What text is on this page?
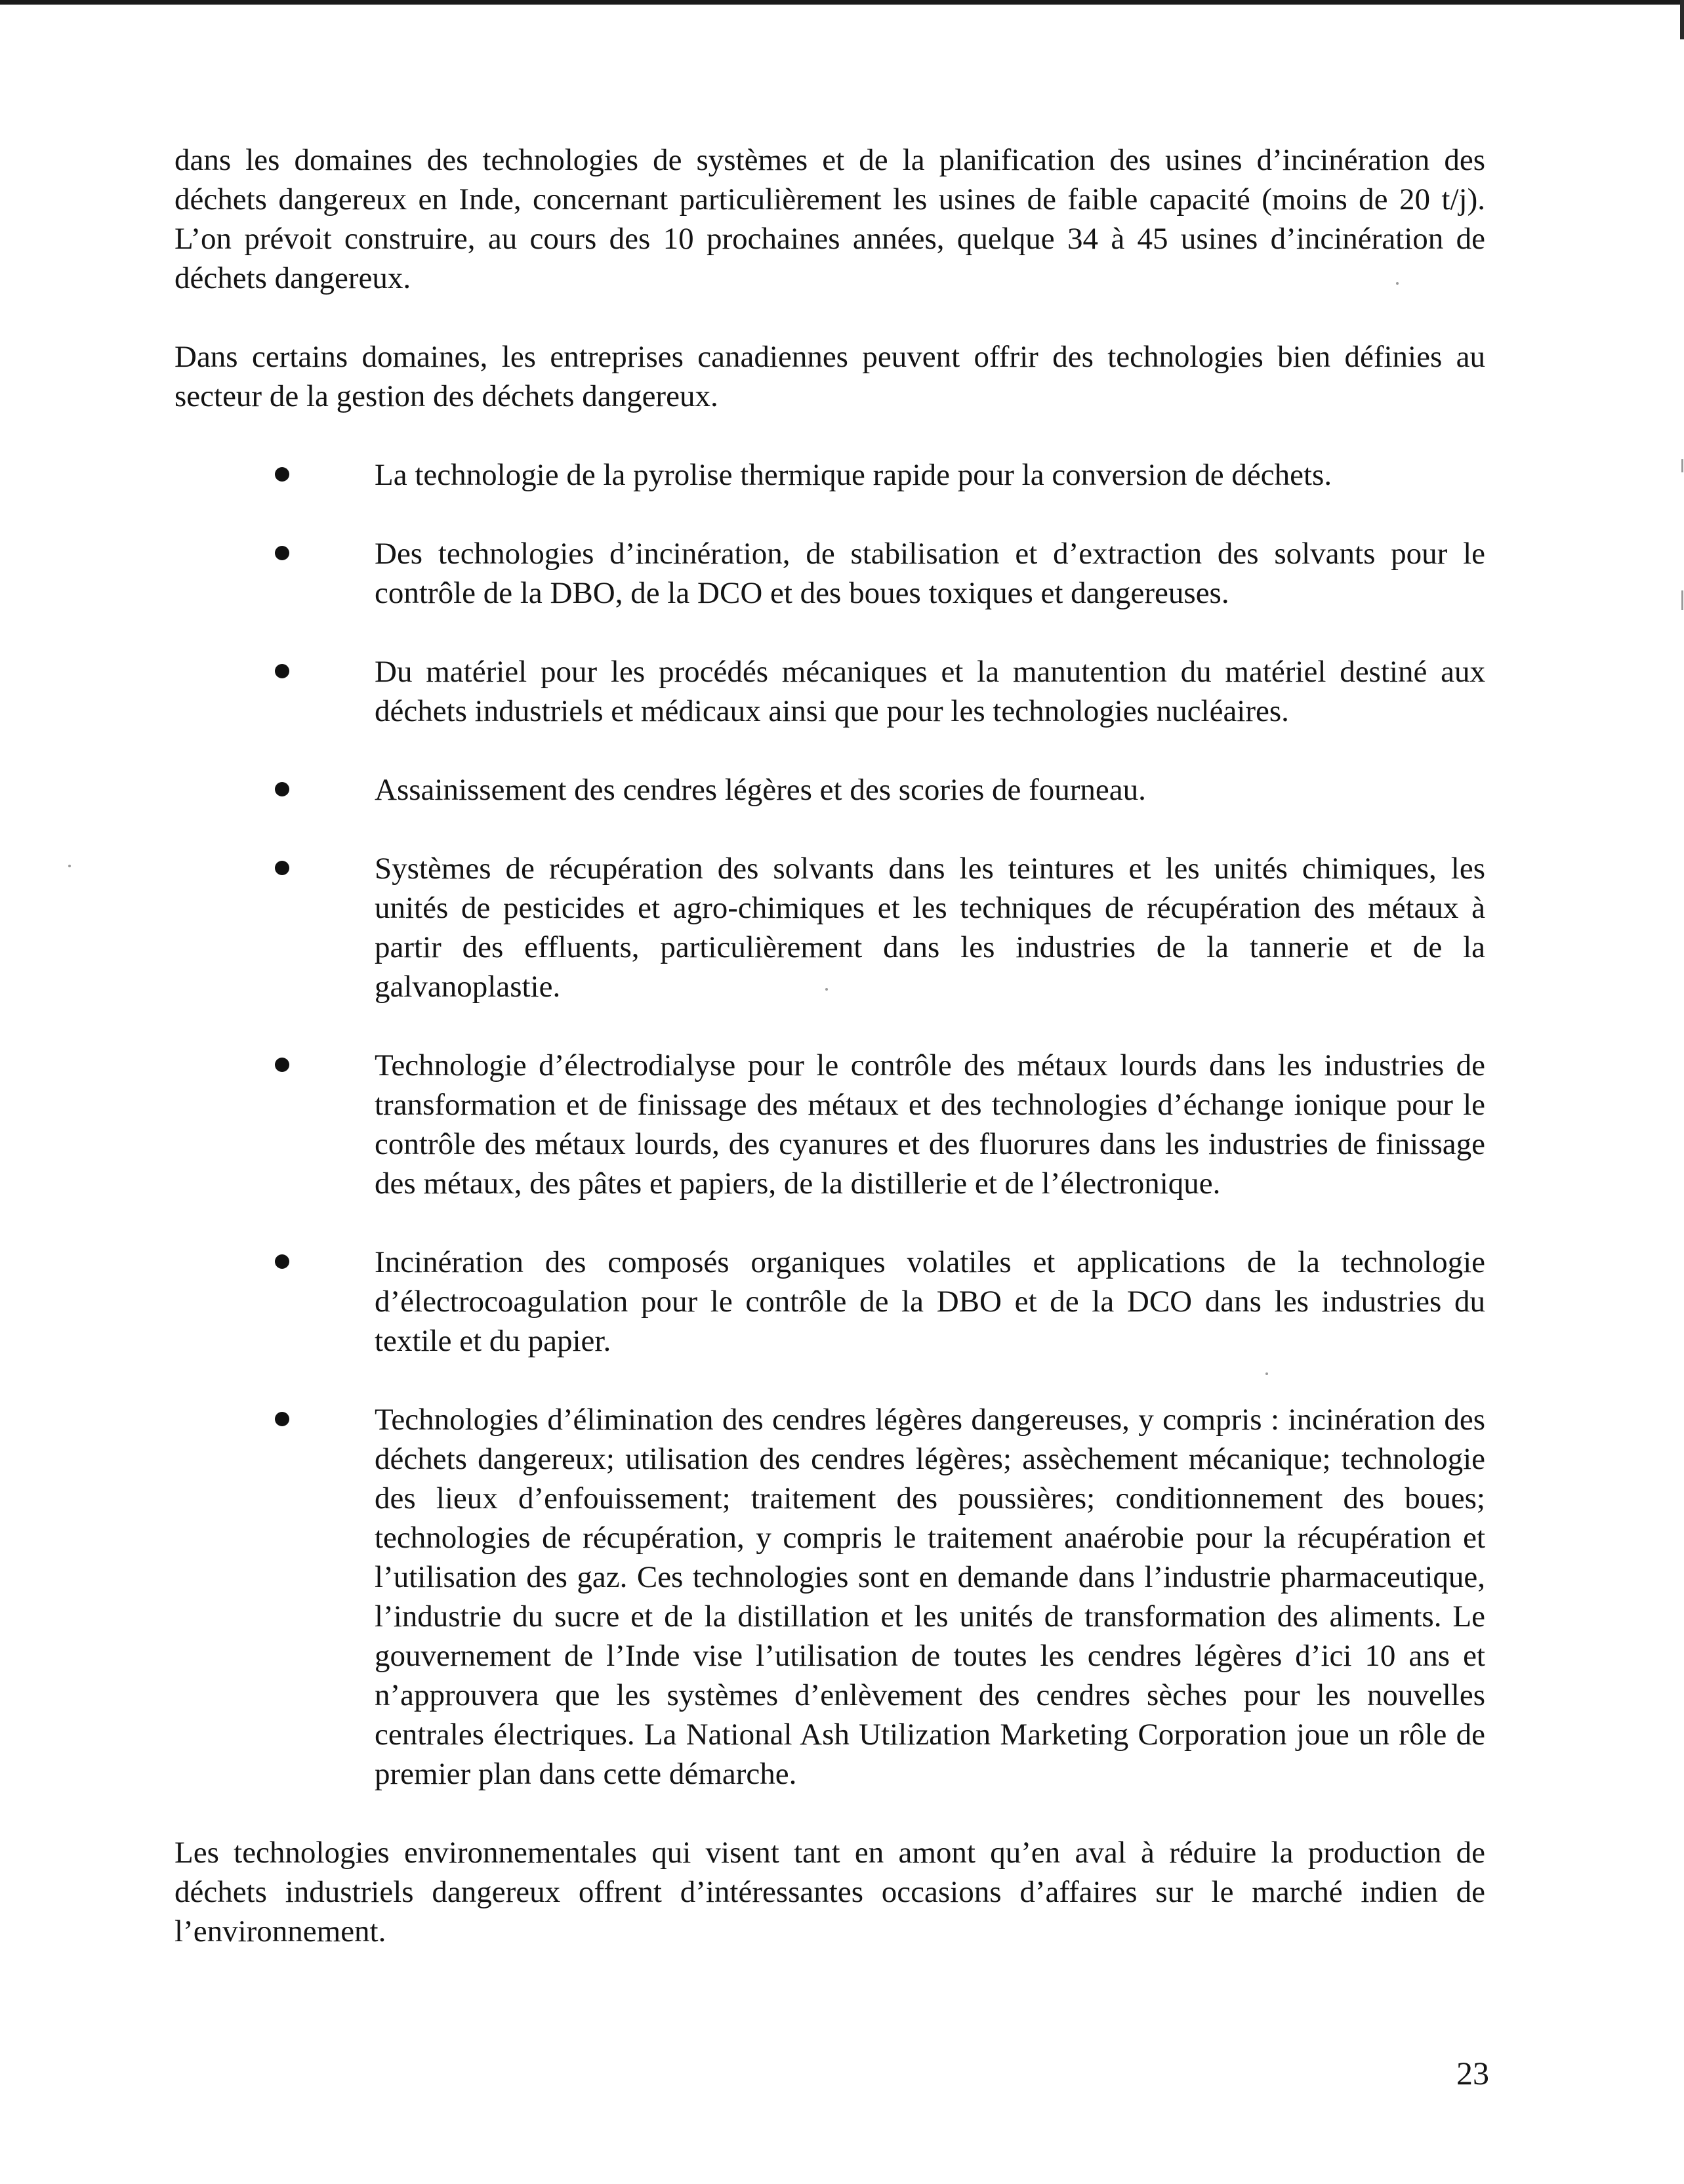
dans les domaines des technologies de systèmes et de la planification des usines d’incinération des déchets dangereux en Inde, concernant particulièrement les usines de faible capacité (moins de 20 t/j). L’on prévoit construire, au cours des 10 prochaines années, quelque 34 à 45 usines d’incinération de déchets dangereux.

Dans certains domaines, les entreprises canadiennes peuvent offrir des technologies bien définies au secteur de la gestion des déchets dangereux.

La technologie de la pyrolise thermique rapide pour la conversion de déchets.

Des technologies d’incinération, de stabilisation et d’extraction des solvants pour le contrôle de la DBO, de la DCO et des boues toxiques et dangereuses.

Du matériel pour les procédés mécaniques et la manutention du matériel destiné aux déchets industriels et médicaux ainsi que pour les technologies nucléaires.

Assainissement des cendres légères et des scories de fourneau.

Systèmes de récupération des solvants dans les teintures et les unités chimiques, les unités de pesticides et agro-chimiques et les techniques de récupération des métaux à partir des effluents, particulièrement dans les industries de la tannerie et de la galvanoplastie.

Technologie d’électrodialyse pour le contrôle des métaux lourds dans les industries de transformation et de finissage des métaux et des technologies d’échange ionique pour le contrôle des métaux lourds, des cyanures et des fluorures dans les industries de finissage des métaux, des pâtes et papiers, de la distillerie et de l’électronique.

Incinération des composés organiques volatiles et applications de la technologie d’électrocoagulation pour le contrôle de la DBO et de la DCO dans les industries du textile et du papier.

Technologies d’élimination des cendres légères dangereuses, y compris : incinération des déchets dangereux; utilisation des cendres légères; assèchement mécanique; technologie des lieux d’enfouissement; traitement des poussières; conditionnement des boues; technologies de récupération, y compris le traitement anaérobie pour la récupération et l’utilisation des gaz. Ces technologies sont en demande dans l’industrie pharmaceutique, l’industrie du sucre et de la distillation et les unités de transformation des aliments. Le gouvernement de l’Inde vise l’utilisation de toutes les cendres légères d’ici 10 ans et n’approuvera que les systèmes d’enlèvement des cendres sèches pour les nouvelles centrales électriques. La National Ash Utilization Marketing Corporation joue un rôle de premier plan dans cette démarche.

Les technologies environnementales qui visent tant en amont qu’en aval à réduire la production de déchets industriels dangereux offrent d’intéressantes occasions d’affaires sur le marché indien de l’environnement.

23
